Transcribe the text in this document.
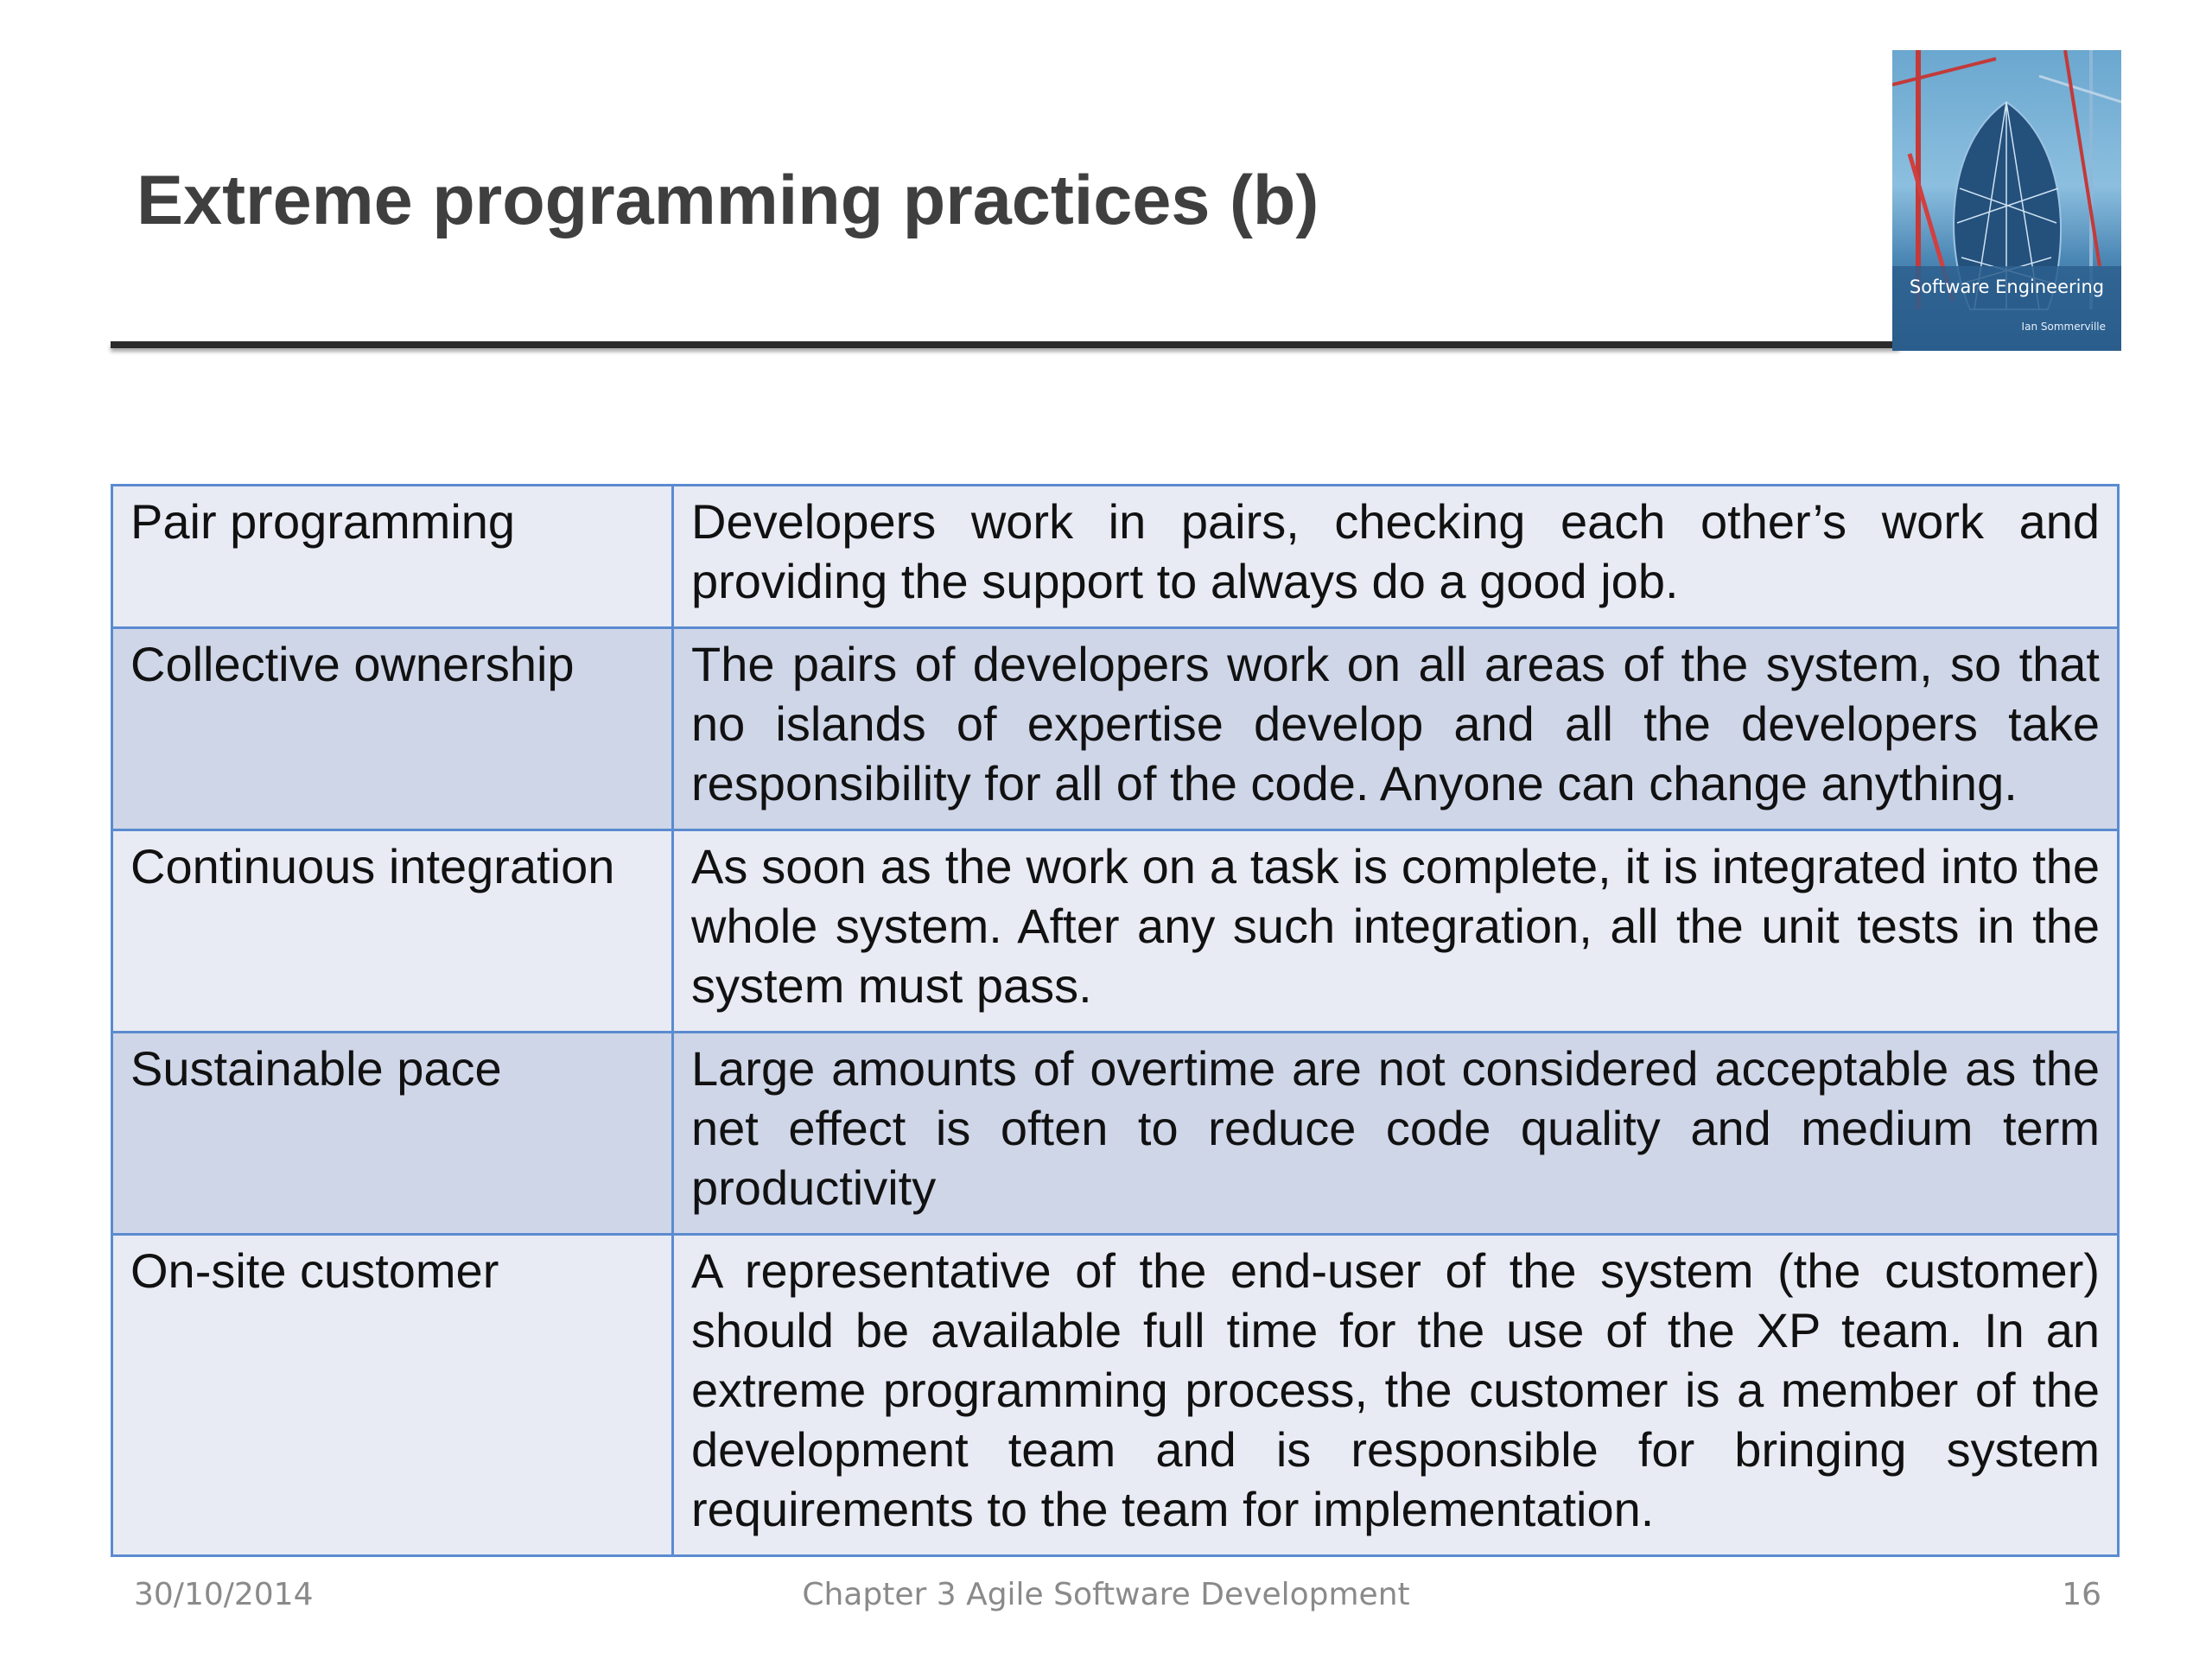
Extreme programming practices (b)
Software Engineering
Ian Sommerville
Pair programming	Developers work in pairs, checking each other’s work and providing the support to always do a good job.
Collective ownership	The pairs of developers work on all areas of the system, so that no islands of expertise develop and all the developers take responsibility for all of the code. Anyone can change anything.
Continuous integration	As soon as the work on a task is complete, it is integrated into the whole system. After any such integration, all the unit tests in the system must pass.
Sustainable pace	Large amounts of overtime are not considered acceptable as the net effect is often to reduce code quality and medium term productivity
On-site customer	A representative of the end-user of the system (the customer) should be available full time for the use of the XP team. In an extreme programming process, the customer is a member of the development team and is responsible for bringing system requirements to the team for implementation.
30/10/2014	Chapter 3 Agile Software Development	16
